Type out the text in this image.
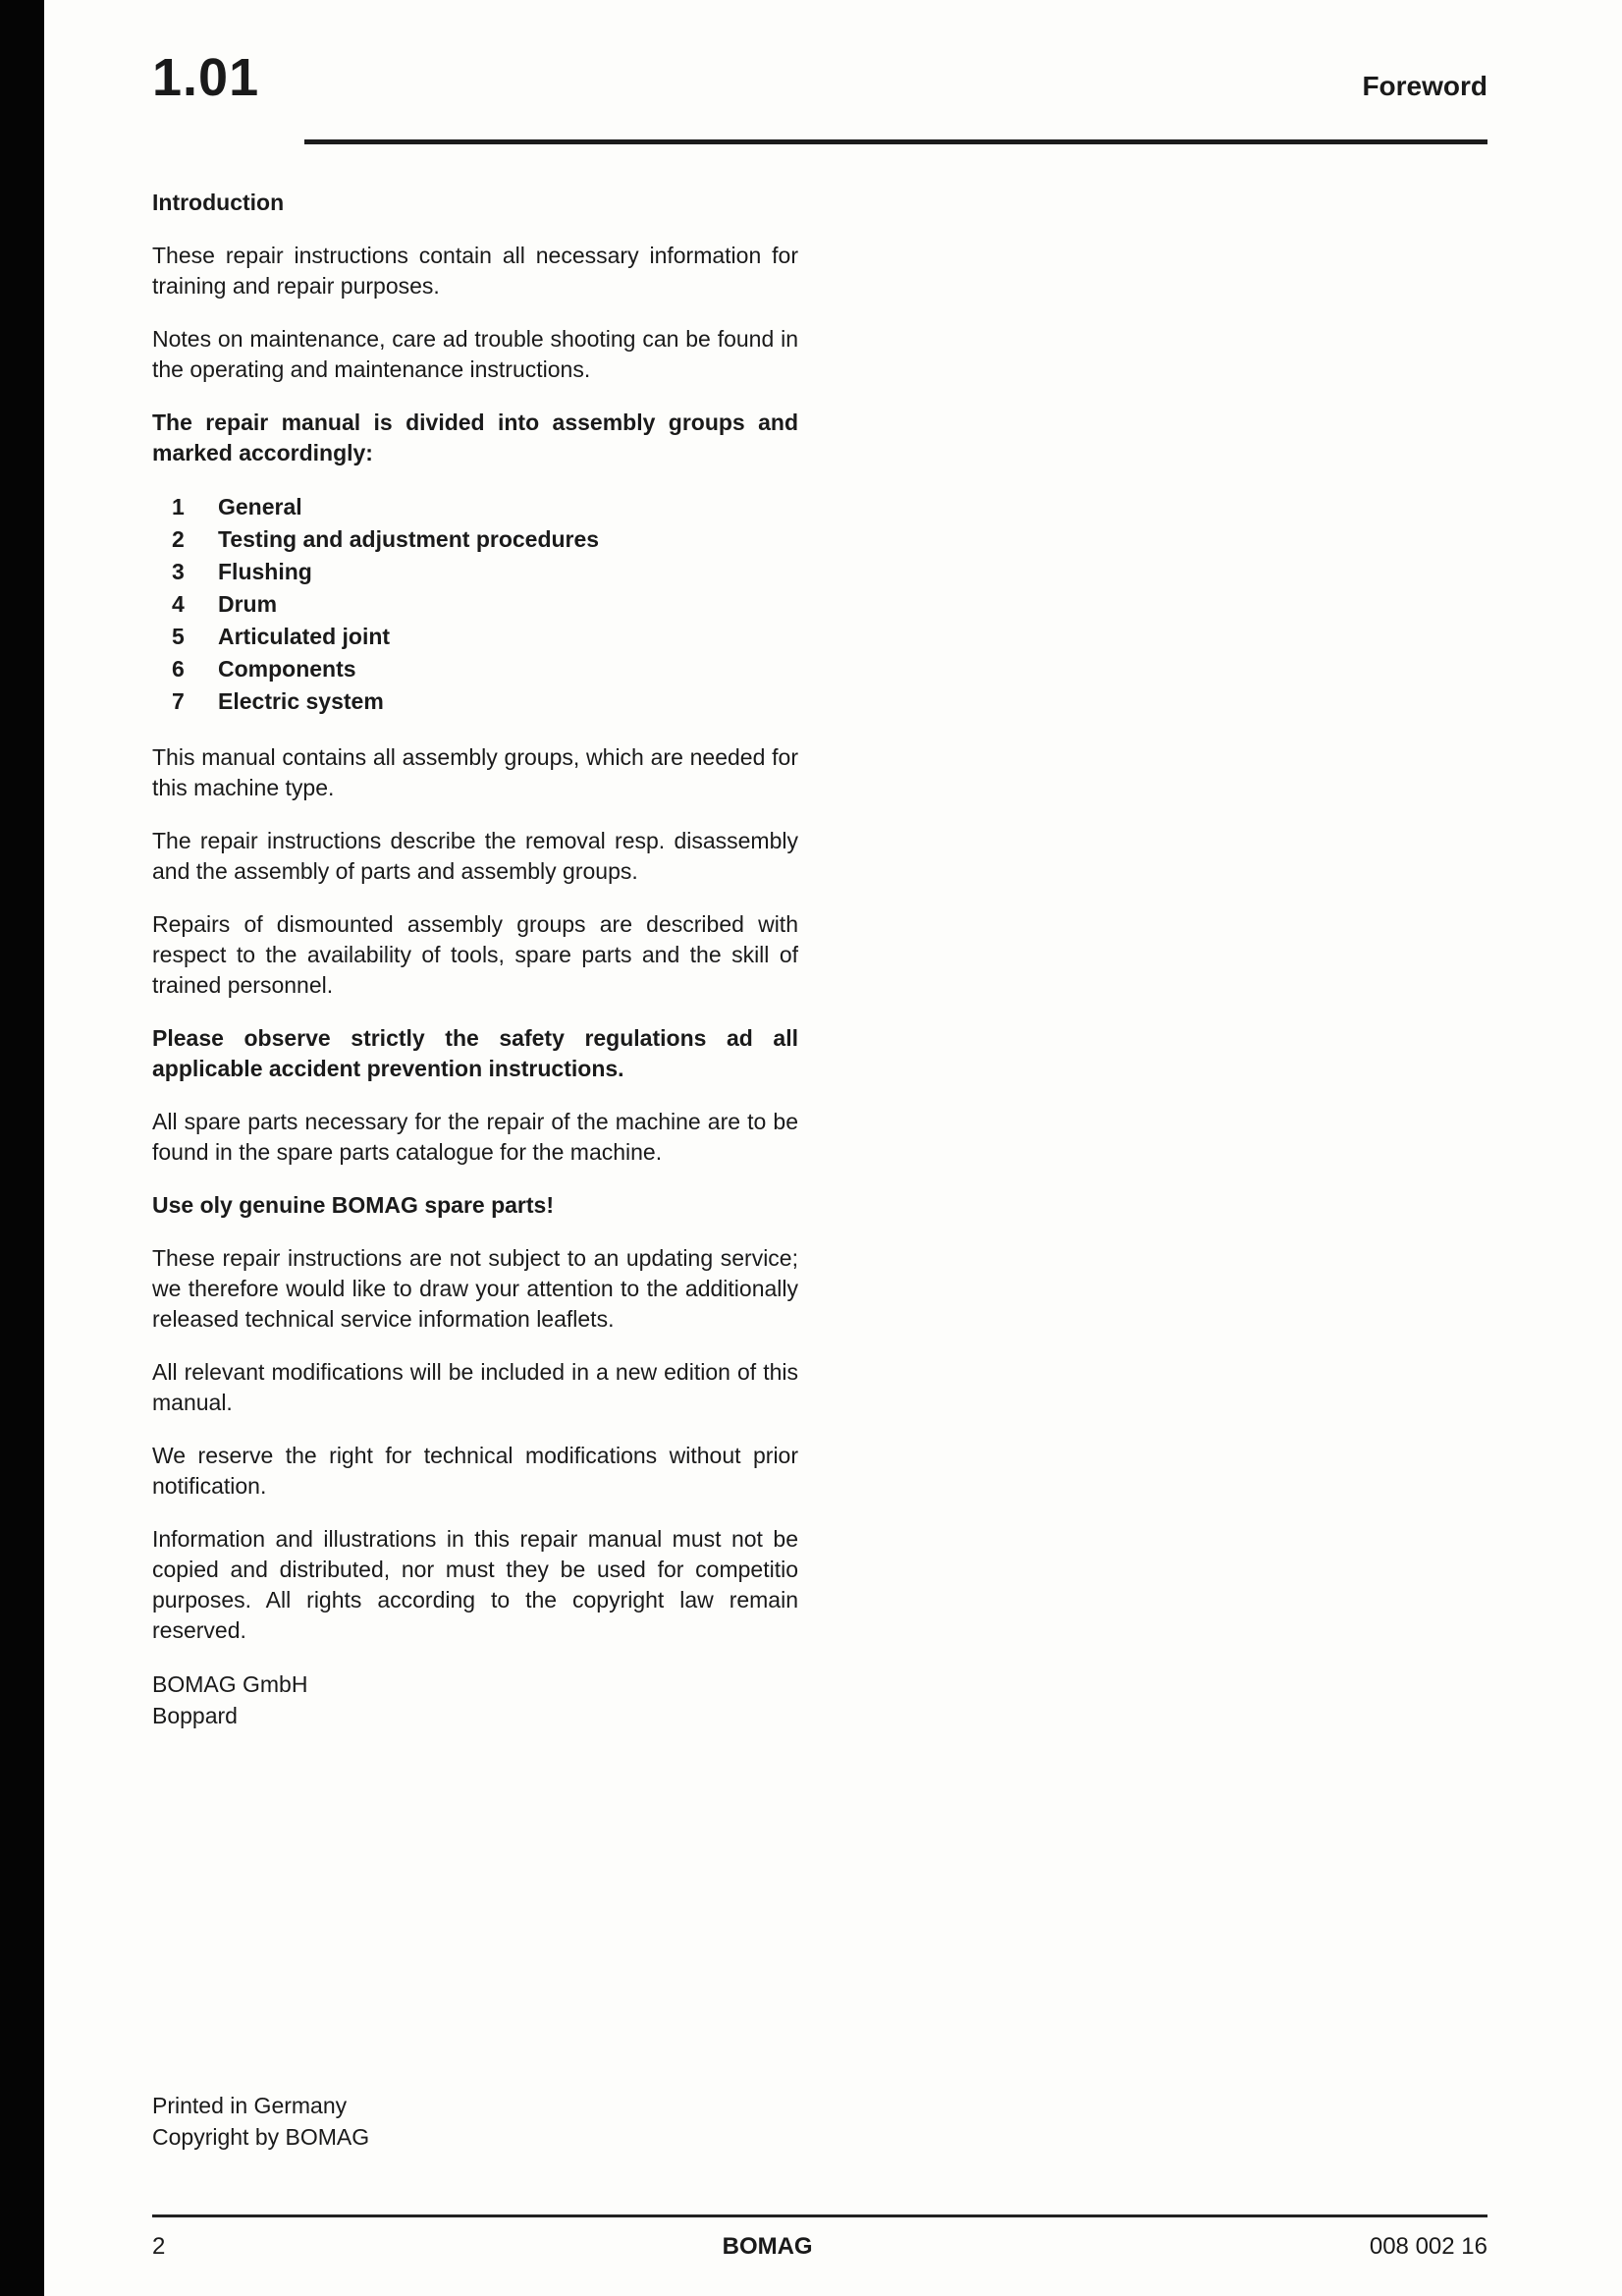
1.01	Foreword
Introduction

These repair instructions contain all necessary information for training and repair purposes.

Notes on maintenance, care ad trouble shooting can be found in the operating and maintenance instructions.

The repair manual is divided into assembly groups and marked accordingly:

1	General
2	Testing and adjustment procedures
3	Flushing
4	Drum
5	Articulated joint
6	Components
7	Electric system

This manual contains all assembly groups, which are needed for this machine type.

The repair instructions describe the removal resp. disassembly and the assembly of parts and assembly groups.

Repairs of dismounted assembly groups are described with respect to the availability of tools, spare parts and the skill of trained personnel.

Please observe strictly the safety regulations ad all applicable accident prevention instructions.

All spare parts necessary for the repair of the machine are to be found in the spare parts catalogue for the machine.

Use oly genuine BOMAG spare parts!

These repair instructions are not subject to an updating service; we therefore would like to draw your attention to the additionally released technical service information leaflets.

All relevant modifications will be included in a new edition of this manual.

We reserve the right for technical modifications without prior notification.

Information and illustrations in this repair manual must not be copied and distributed, nor must they be used for competitio purposes. All rights according to the copyright law remain reserved.

BOMAG GmbH
Boppard
Printed in Germany
Copyright by BOMAG
2	BOMAG	008 002 16
